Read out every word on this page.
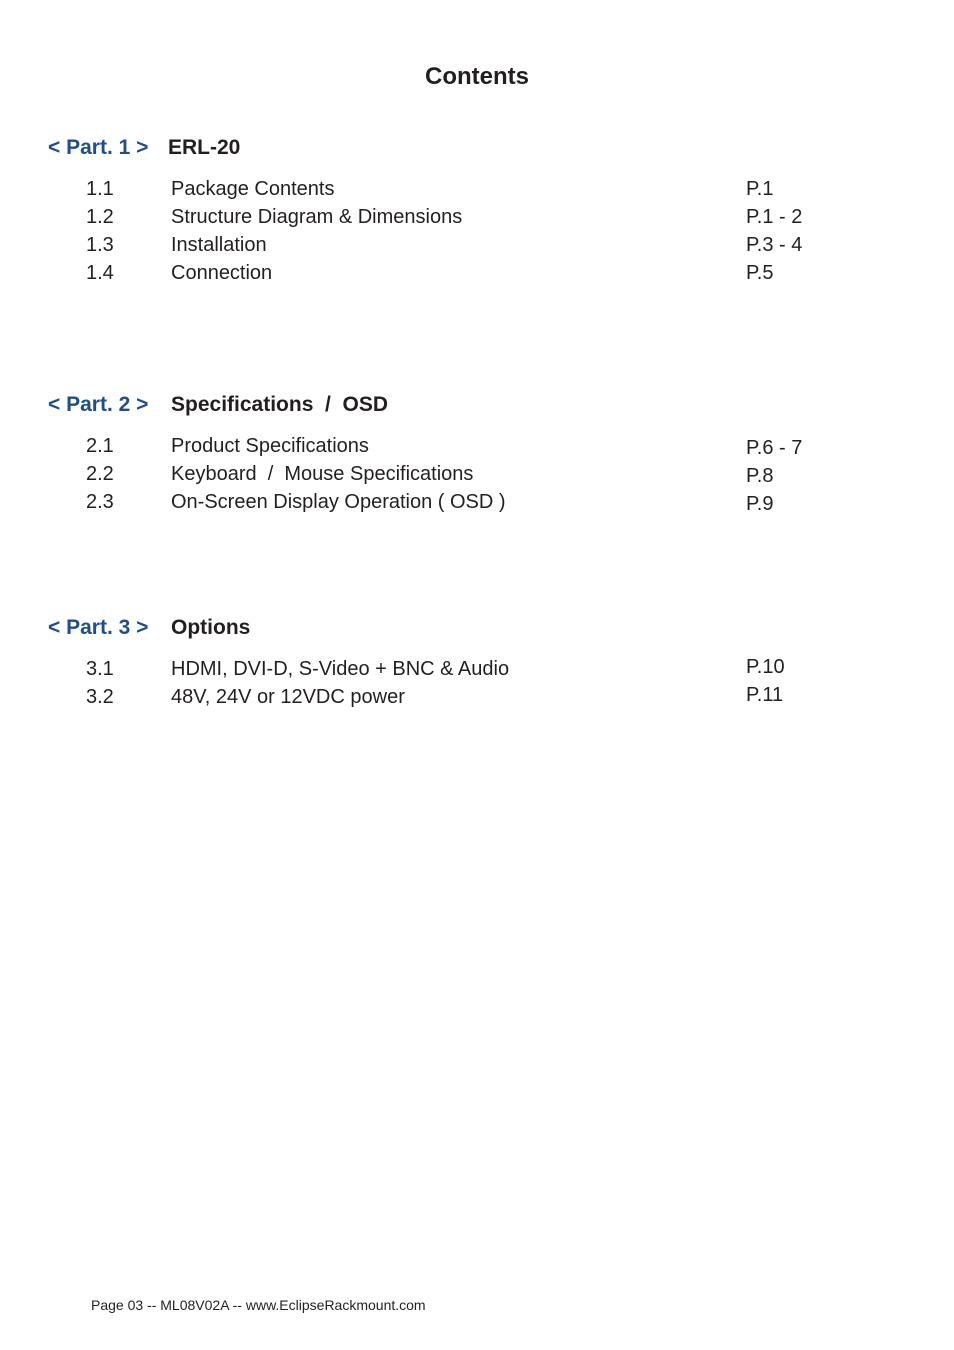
Contents
< Part. 1 > ERL-20
1.1	Package Contents	P.1
1.2	Structure Diagram & Dimensions	P.1 - 2
1.3	Installation	P.3 - 4
1.4	Connection	P.5
< Part. 2 > Specifications  /  OSD
2.1	Product Specifications	P.6 - 7
2.2	Keyboard  /  Mouse Specifications	P.8
2.3	On-Screen Display Operation ( OSD )	P.9
< Part. 3 > Options
3.1	HDMI, DVI-D, S-Video + BNC & Audio	P.10
3.2	48V, 24V or 12VDC power	P.11
Page 03 -- ML08V02A -- www.EclipseRackmount.com
